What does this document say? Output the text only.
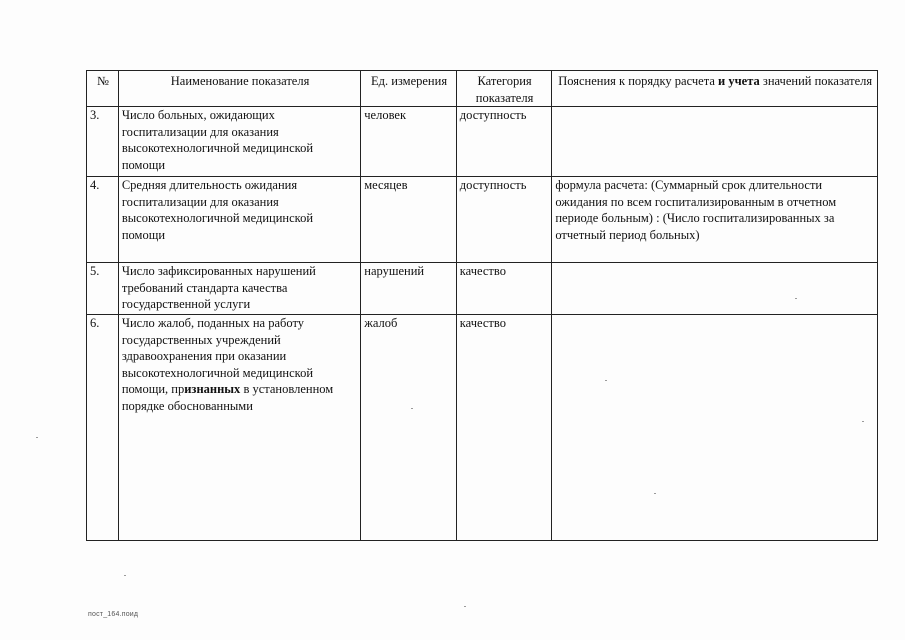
№	Наименование показателя	Ед. измерения	Категория показателя	Пояснения к порядку расчета и учета значений показателя
3.	Число больных, ожидающих госпитализации для оказания высокотехнологичной медицинской помощи	человек	доступность	
4.	Средняя длительность ожидания госпитализации для оказания высокотехнологичной медицинской помощи	месяцев	доступность	формула расчета: (Суммарный срок длительности ожидания по всем госпитализированным в отчетном периоде больным) : (Число госпитализированных за отчетный период больных)
5.	Число зафиксированных нарушений требований стандарта качества государственной услуги	нарушений	качество	
6.	Число жалоб, поданных на работу государственных учреждений здравоохранения при оказании высокотехнологичной медицинской помощи, признанных в установленном порядке обоснованными	жалоб	качество	
пост_164.поид
